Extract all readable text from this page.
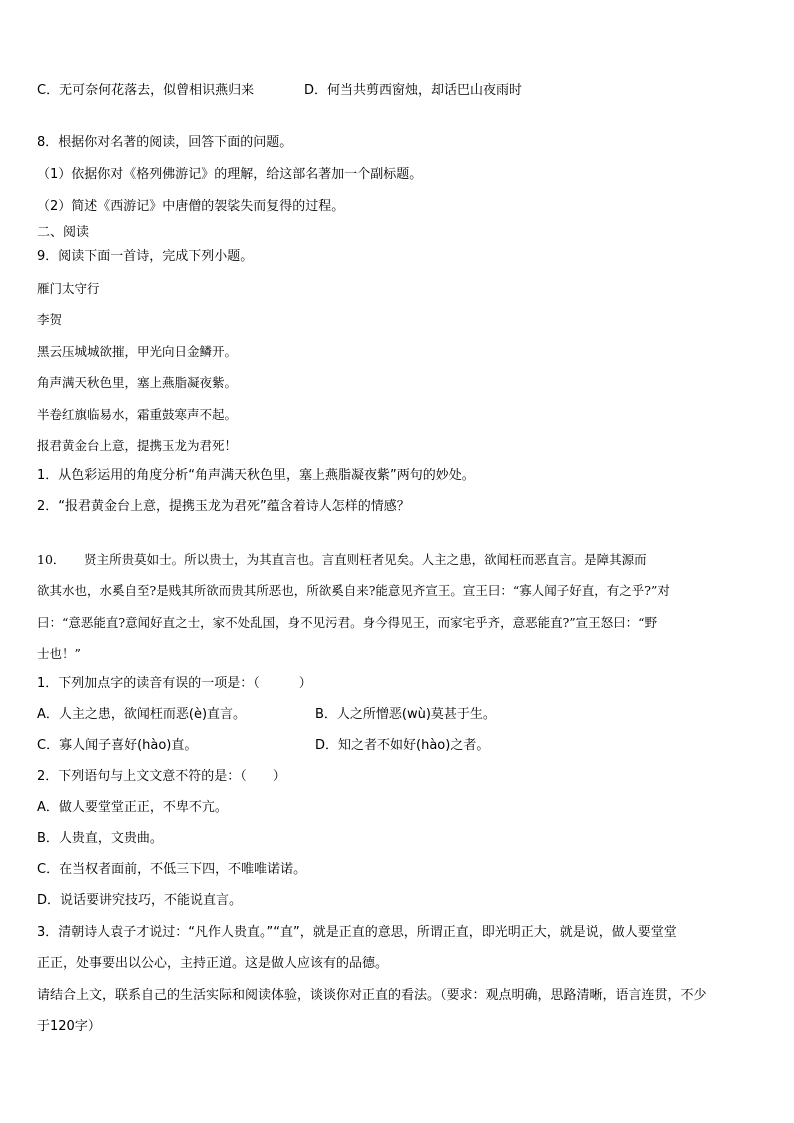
C．无可奈何花落去，似曾相识燕归来	D．何当共剪西窗烛，却话巴山夜雨时
8．根据你对名著的阅读，回答下面的问题。
（1）依据你对《格列佛游记》的理解，给这部名著加一个副标题。
（2）简述《西游记》中唐僧的袈裟失而复得的过程。
二、阅读
9．阅读下面一首诗，完成下列小题。
雁门太守行
李贺
黑云压城城欲摧，甲光向日金鳞开。
角声满天秋色里，塞上燕脂凝夜紫。
半卷红旗临易水，霜重鼓寒声不起。
报君黄金台上意，提携玉龙为君死！
1．从色彩运用的角度分析“角声满天秋色里，塞上燕脂凝夜紫”两句的妙处。
2．“报君黄金台上意，提携玉龙为君死”蕴含着诗人怎样的情感？
10．　　贤主所贵莫如士。所以贵士，为其直言也。言直则枉者见矣。人主之患，欲闻枉而恶直言。是障其源而
欲其水也，水奚自至?是贱其所欲而贵其所恶也，所欲奚自来?能意见齐宣王。宣王曰：“寡人闻子好直，有之乎?”对
曰：“意恶能直?意闻好直之士，家不处乱国，身不见污君。身今得见王，而家宅乎齐，意恶能直?”宣王怒曰：“野
士也！”
1．下列加点字的读音有误的一项是：（　　　）
A．人主之患，欲闻枉而恶(è)直言。	B．人之所憎恶(wù)莫甚于生。
C．寡人闻子喜好(hào)直。	D．知之者不如好(hào)之者。
2．下列语句与上文文意不符的是：（　　）
A．做人要堂堂正正，不卑不亢。
B．人贵直，文贵曲。
C．在当权者面前，不低三下四，不唯唯诺诺。
D．说话要讲究技巧，不能说直言。
3．清朝诗人袁子才说过：“凡作人贵直。”“直”，就是正直的意思，所谓正直，即光明正大，就是说，做人要堂堂
正正，处事要出以公心，主持正道。这是做人应该有的品德。
请结合上文，联系自己的生活实际和阅读体验，谈谈你对正直的看法。（要求：观点明确，思路清晰，语言连贯，不少
于120字）
